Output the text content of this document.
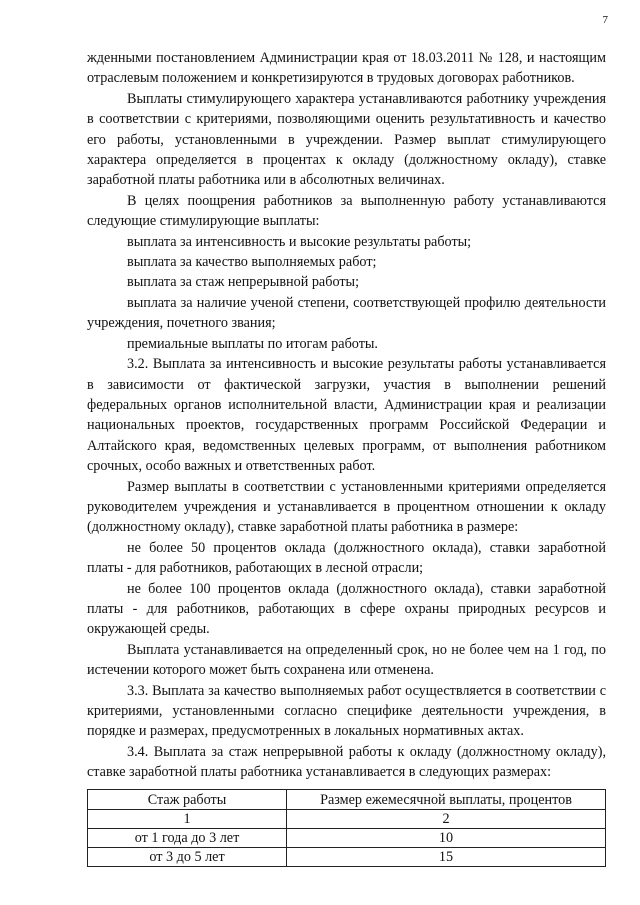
7

жденными постановлением Администрации края от 18.03.2011 № 128, и настоящим отраслевым положением и конкретизируются в трудовых договорах работников.

Выплаты стимулирующего характера устанавливаются работнику учреждения в соответствии с критериями, позволяющими оценить результативность и качество его работы, установленными в учреждении. Размер выплат стимулирующего характера определяется в процентах к окладу (должностному окладу), ставке заработной платы работника или в абсолютных величинах.

В целях поощрения работников за выполненную работу устанавливаются следующие стимулирующие выплаты:

выплата за интенсивность и высокие результаты работы;

выплата за качество выполняемых работ;

выплата за стаж непрерывной работы;

выплата за наличие ученой степени, соответствующей профилю деятельности учреждения, почетного звания;

премиальные выплаты по итогам работы.

3.2. Выплата за интенсивность и высокие результаты работы устанавливается в зависимости от фактической загрузки, участия в выполнении решений федеральных органов исполнительной власти, Администрации края и реализации национальных проектов, государственных программ Российской Федерации и Алтайского края, ведомственных целевых программ, от выполнения работником срочных, особо важных и ответственных работ.

Размер выплаты в соответствии с установленными критериями определяется руководителем учреждения и устанавливается в процентном отношении к окладу (должностному окладу), ставке заработной платы работника в размере:

не более 50 процентов оклада (должностного оклада), ставки заработной платы - для работников, работающих в лесной отрасли;

не более 100 процентов оклада (должностного оклада), ставки заработной платы - для работников, работающих в сфере охраны природных ресурсов и окружающей среды.

Выплата устанавливается на определенный срок, но не более чем на 1 год, по истечении которого может быть сохранена или отменена.

3.3. Выплата за качество выполняемых работ осуществляется в соответствии с критериями, установленными согласно специфике деятельности учреждения, в порядке и размерах, предусмотренных в локальных нормативных актах.

3.4. Выплата за стаж непрерывной работы к окладу (должностному окладу), ставке заработной платы работника устанавливается в следующих размерах:

Стаж работы	Размер ежемесячной выплаты, процентов
1	2
от 1 года до 3 лет	10
от 3 до 5 лет	15
